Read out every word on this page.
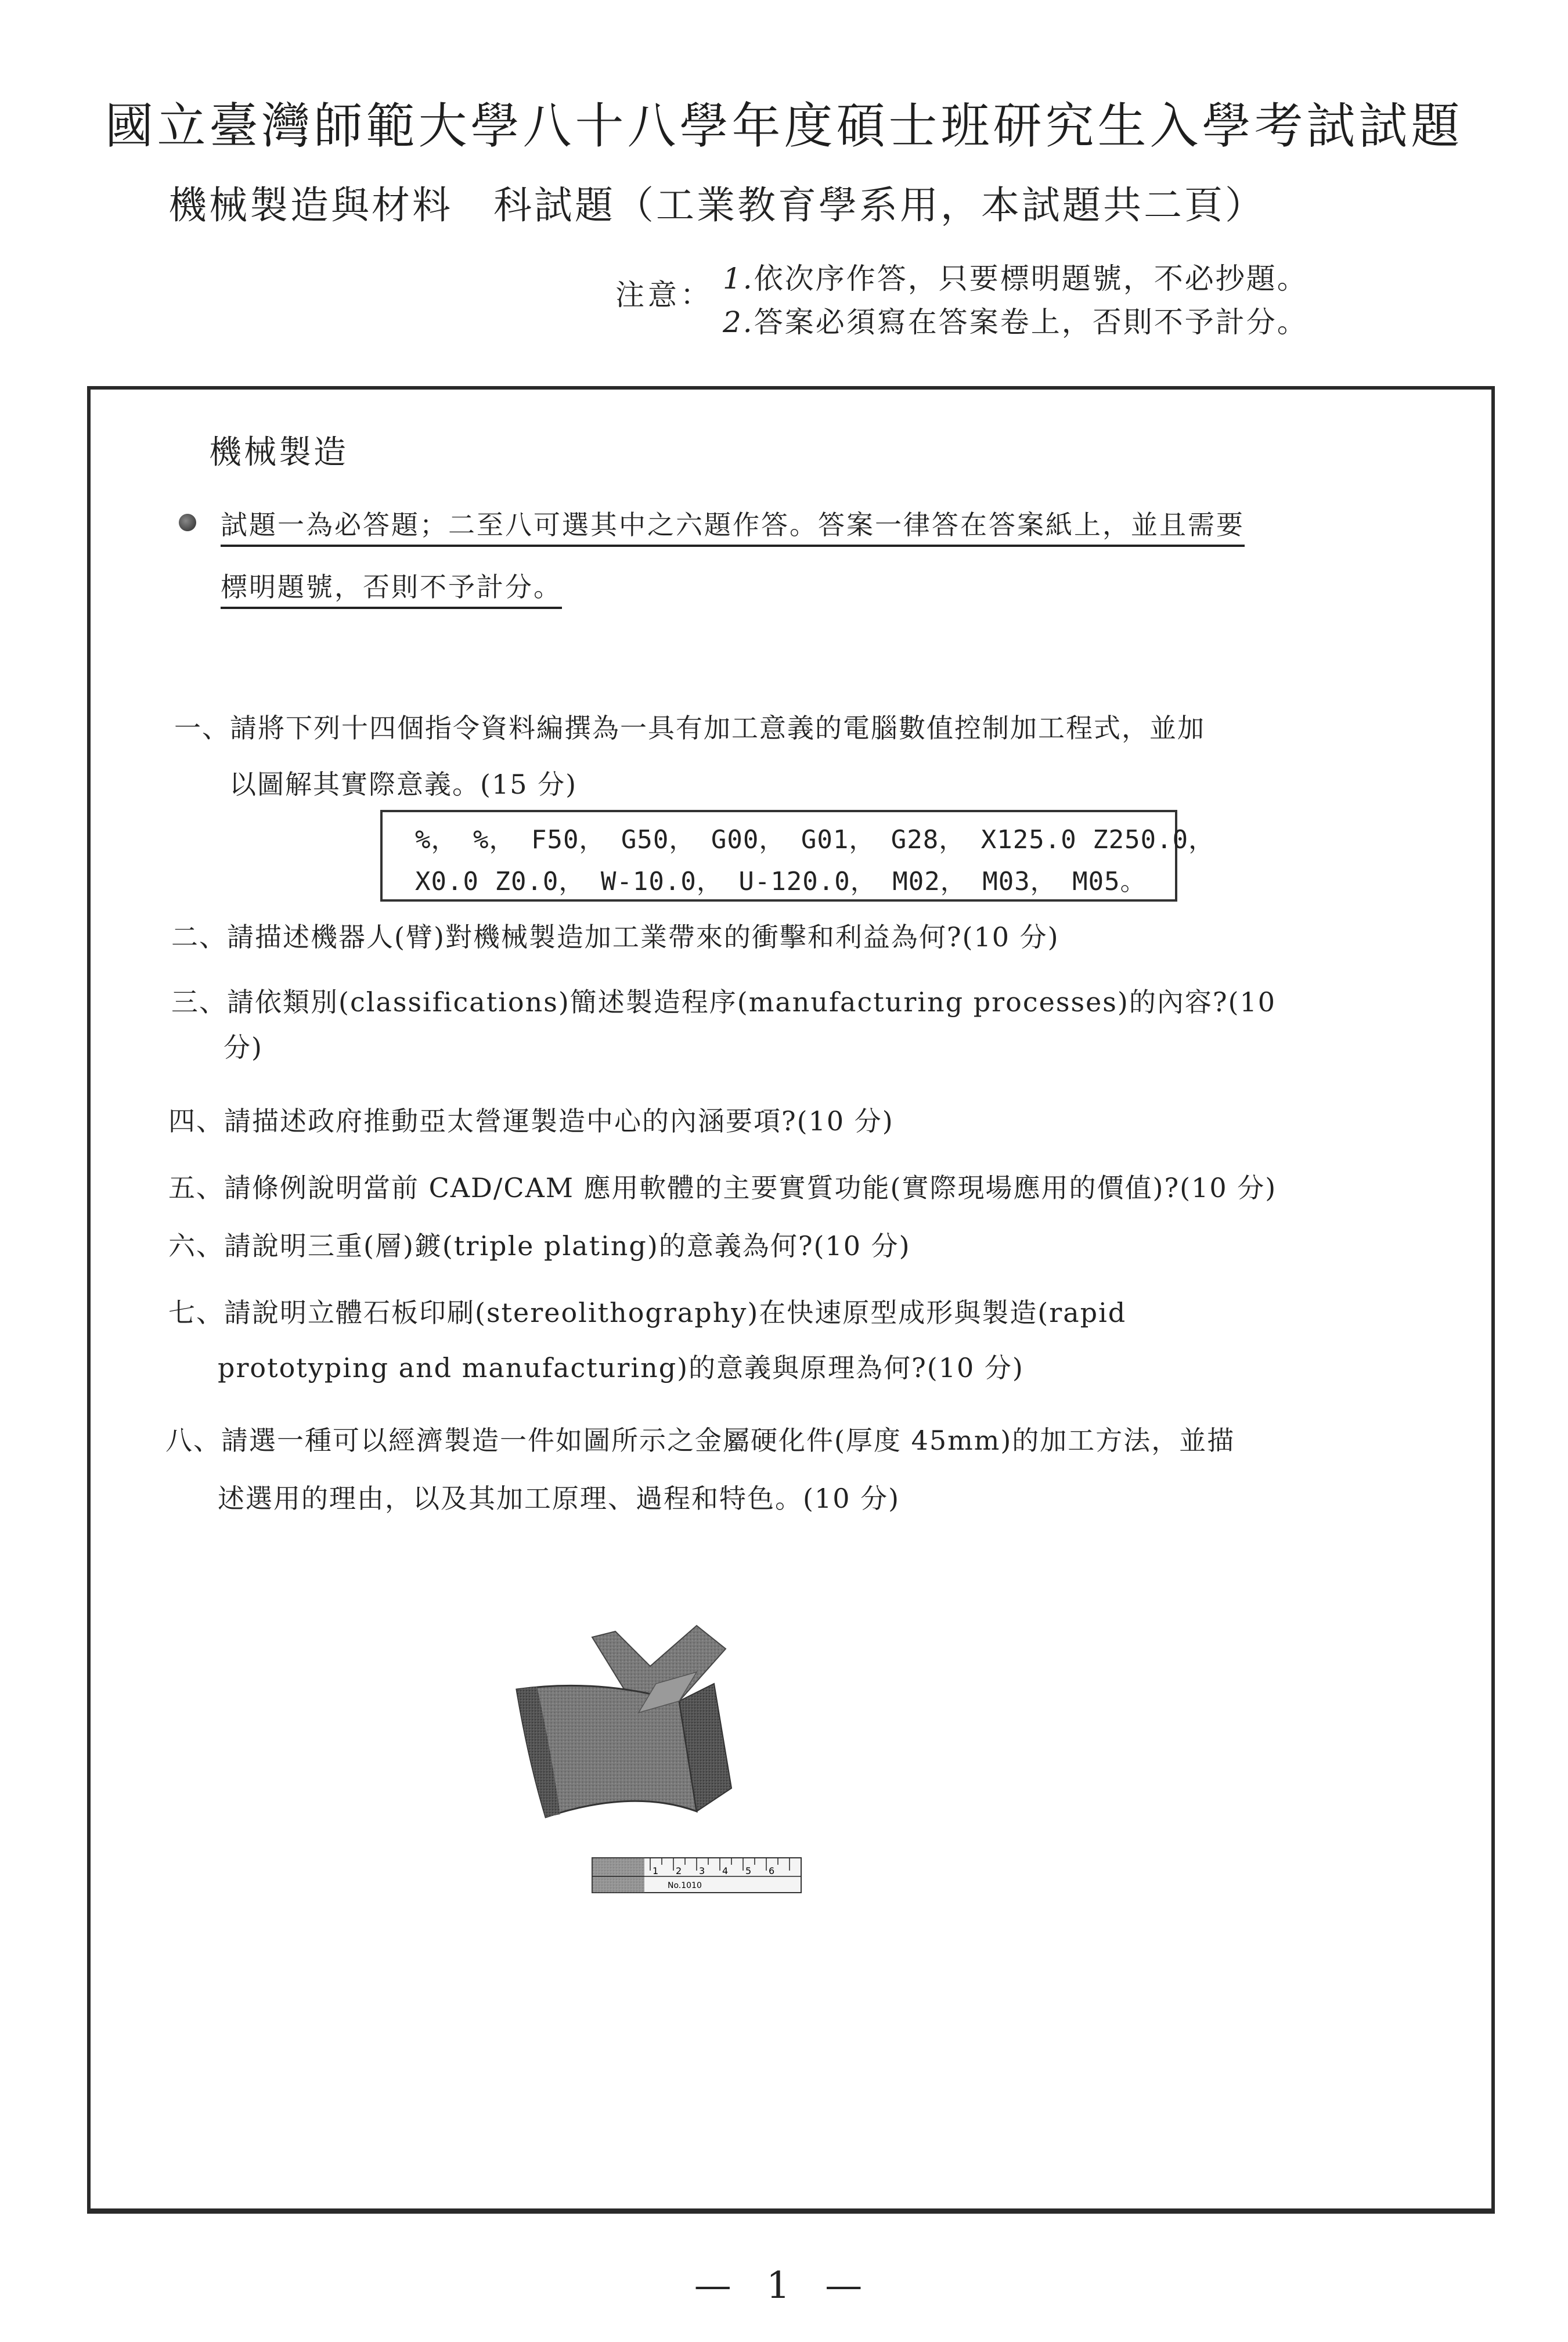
國立臺灣師範大學八十八學年度碩士班研究生入學考試試題
機械製造與材料 科試題（工業教育學系用，本試題共二頁）
注意： 1.依次序作答，只要標明題號，不必抄題。
2.答案必須寫在答案卷上，否則不予計分。
機械製造
試題一為必答題；二至八可選其中之六題作答。答案一律答在答案紙上，並且需要
標明題號，否則不予計分。
一、請將下列十四個指令資料編撰為一具有加工意義的電腦數值控制加工程式，並加
以圖解其實際意義。(15 分)
%， %， F50， G50， G00， G01， G28， X125.0 Z250.0，
X0.0 Z0.0， W-10.0， U-120.0， M02， M03， M05。
二、請描述機器人(臂)對機械製造加工業帶來的衝擊和利益為何?(10 分)
三、請依類別(classifications)簡述製造程序(manufacturing processes)的內容?(10
分)
四、請描述政府推動亞太營運製造中心的內涵要項?(10 分)
五、請條例說明當前 CAD/CAM 應用軟體的主要實質功能(實際現場應用的價值)?(10 分)
六、請說明三重(層)鍍(triple plating)的意義為何?(10 分)
七、請說明立體石板印刷(stereolithography)在快速原型成形與製造(rapid
prototyping and manufacturing)的意義與原理為何?(10 分)
八、請選一種可以經濟製造一件如圖所示之金屬硬化件(厚度 45mm)的加工方法，並描
述選用的理由，以及其加工原理、過程和特色。(10 分)
1 2 3 4 5 6
No.1010
— 1 —
